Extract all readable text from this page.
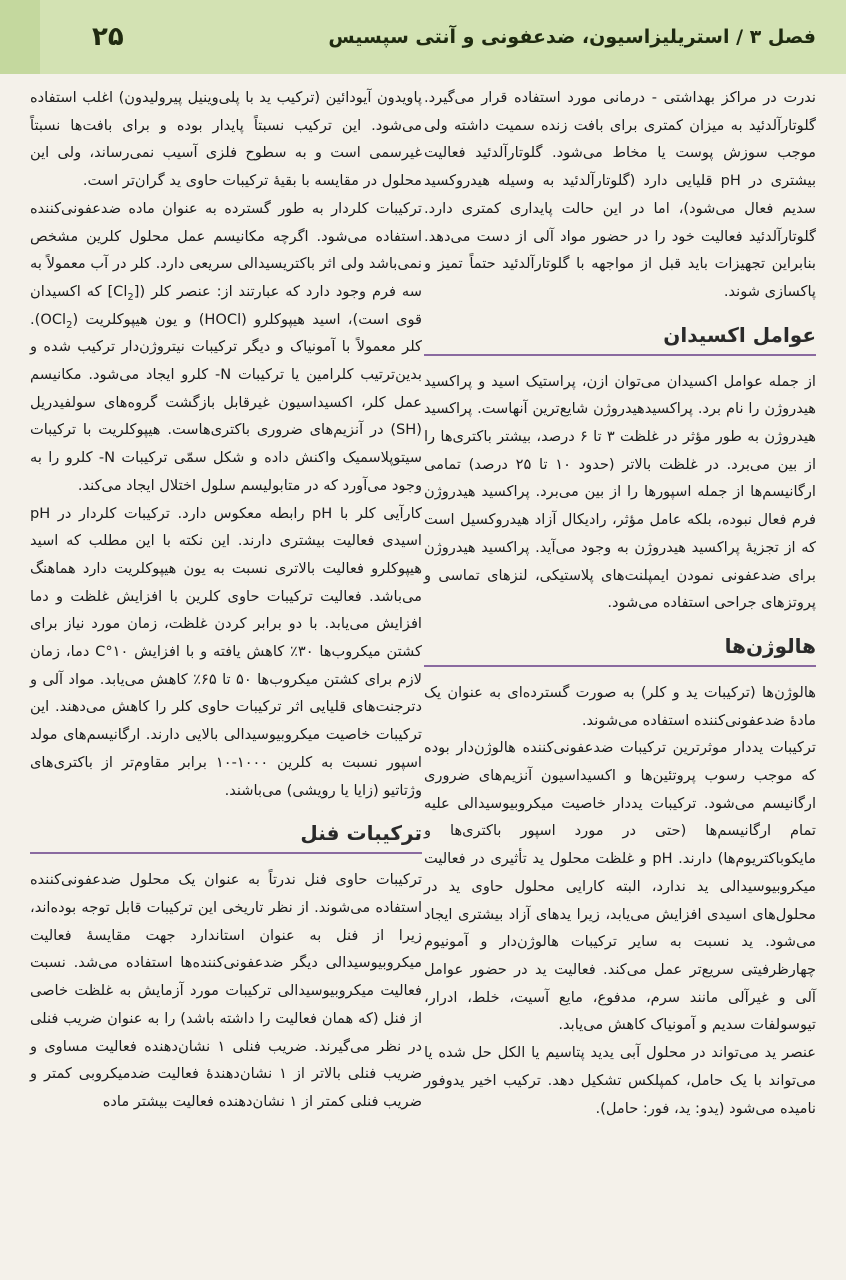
فصل ۳ / استریلیزاسیون، ضدعفونی و آنتی سپسیس
۲۵

ندرت در مراکز بهداشتی - درمانی مورد استفاده قرار می‌گیرد. گلوتارآلدئید به میزان کمتری برای بافت زنده سمیت داشته ولی موجب سوزش پوست یا مخاط می‌شود. گلوتارآلدئید فعالیت بیشتری در pH قلیایی دارد (گلوتارآلدئید به وسیله هیدروکسید سدیم فعال می‌شود)، اما در این حالت پایداری کمتری دارد. گلوتارآلدئید فعالیت خود را در حضور مواد آلی از دست می‌دهد. بنابراین تجهیزات باید قبل از مواجهه با گلوتارآلدئید حتماً تمیز و پاکسازی شوند.

عوامل اکسیدان

از جمله عوامل اکسیدان می‌توان ازن، پراستیک اسید و پراکسید هیدروژن را نام برد. پراکسیدهیدروژن شایع‌ترین آنهاست. پراکسید هیدروژن به طور مؤثر در غلظت ۳ تا ۶ درصد، بیشتر باکتری‌ها را از بین می‌برد. در غلظت بالاتر (حدود ۱۰ تا ۲۵ درصد) تمامی ارگانیسم‌ها از جمله اسپورها را از بین می‌برد. پراکسید هیدروژن فرم فعال نبوده، بلکه عامل مؤثر، رادیکال آزاد هیدروکسیل است که از تجزیهٔ پراکسید هیدروژن به وجود می‌آید. پراکسید هیدروژن برای ضدعفونی نمودن ایمپلنت‌های پلاستیکی، لنزهای تماسی و پروتزهای جراحی استفاده می‌شود.

هالوژن‌ها

هالوژن‌ها (ترکیبات ید و کلر) به صورت گسترده‌ای به عنوان یک مادهٔ ضدعفونی‌کننده استفاده می‌شوند.

ترکیبات یددار موثرترین ترکیبات ضدعفونی‌کننده هالوژن‌دار بوده که موجب رسوب پروتئین‌ها و اکسیداسیون آنزیم‌های ضروری ارگانیسم می‌شود. ترکیبات یددار خاصیت میکروبیوسیدالی علیه تمام ارگانیسم‌ها (حتی در مورد اسپور باکتری‌ها و مایکوباکتریوم‌ها) دارند. pH و غلظت محلول ید تأثیری در فعالیت میکروبیوسیدالی ید ندارد، البته کارایی محلول حاوی ید در محلول‌های اسیدی افزایش می‌یابد، زیرا یدهای آزاد بیشتری ایجاد می‌شود. ید نسبت به سایر ترکیبات هالوژن‌دار و آمونیوم چهارظرفیتی سریع‌تر عمل می‌کند. فعالیت ید در حضور عوامل آلی و غیرآلی مانند سرم، مدفوع، مایع آسیت، خلط، ادرار، تیوسولفات سدیم و آمونیاک کاهش می‌یابد.

عنصر ید می‌تواند در محلول آبی یدید پتاسیم یا الکل حل شده یا می‌تواند با یک حامل، کمپلکس تشکیل دهد. ترکیب اخیر یدوفور نامیده می‌شود (یدو: ید، فور: حامل).

پاویدون آیودائین (ترکیب ید با پلی‌وینیل پیرولیدون) اغلب استفاده می‌شود. این ترکیب نسبتاً پایدار بوده و برای بافت‌ها نسبتاً غیرسمی است و به سطوح فلزی آسیب نمی‌رساند، ولی این محلول در مقایسه با بقیهٔ ترکیبات حاوی ید گران‌تر است.

ترکیبات کلردار به طور گسترده به عنوان ماده ضدعفونی‌کننده استفاده می‌شود. اگرچه مکانیسم عمل محلول کلرین مشخص نمی‌باشد ولی اثر باکتریسیدالی سریعی دارد. کلر در آب معمولاً به سه فرم وجود دارد که عبارتند از: عنصر کلر ($[Cl_2]$ که اکسیدان قوی است)، اسید هیپوکلرو (HOCl) و یون هیپوکلریت (OCl$_2$). کلر معمولاً با آمونیاک و دیگر ترکیبات نیتروژن‌دار ترکیب شده و بدین‌ترتیب کلرامین یا ترکیبات N- کلرو ایجاد می‌شود. مکانیسم عمل کلر، اکسیداسیون غیرقابل بازگشت گروه‌های سولفیدریل (SH) در آنزیم‌های ضروری باکتری‌هاست. هیپوکلریت با ترکیبات سیتوپلاسمیک واکنش داده و شکل سمّی ترکیبات N- کلرو را به وجود می‌آورد که در متابولیسم سلول اختلال ایجاد می‌کند.

کارآیی کلر با pH رابطه معکوس دارد. ترکیبات کلردار در pH اسیدی فعالیت بیشتری دارند. این نکته با این مطلب که اسید هیپوکلرو فعالیت بالاتری نسبت به یون هیپوکلریت دارد هماهنگ می‌باشد. فعالیت ترکیبات حاوی کلرین با افزایش غلظت و دما افزایش می‌یابد. با دو برابر کردن غلظت، زمان مورد نیاز برای کشتن میکروب‌ها ۳۰٪ کاهش یافته و با افزایش ۱۰°C دما، زمان لازم برای کشتن میکروب‌ها ۵۰ تا ۶۵٪ کاهش می‌یابد. مواد آلی و دترجنت‌های قلیایی اثر ترکیبات حاوی کلر را کاهش می‌دهند. این ترکیبات خاصیت میکروبیوسیدالی بالایی دارند. ارگانیسم‌های مولد اسپور نسبت به کلرین ۱۰۰۰-۱۰ برابر مقاوم‌تر از باکتری‌های وژتاتیو (زایا یا رویشی) می‌باشند.

ترکیبات فنل

ترکیبات حاوی فنل ندرتاً به عنوان یک محلول ضدعفونی‌کننده استفاده می‌شوند. از نظر تاریخی این ترکیبات قابل توجه بوده‌اند، زیرا از فنل به عنوان استاندارد جهت مقایسهٔ فعالیت میکروبیوسیدالی دیگر ضدعفونی‌کننده‌ها استفاده می‌شد. نسبت فعالیت میکروبیوسیدالی ترکیبات مورد آزمایش به غلظت خاصی از فنل (که همان فعالیت را داشته باشد) را به عنوان ضریب فنلی در نظر می‌گیرند. ضریب فنلی ۱ نشان‌دهنده فعالیت مساوی و ضریب فنلی بالاتر از ۱ نشان‌دهندهٔ فعالیت ضدمیکروبی کمتر و ضریب فنلی کمتر از ۱ نشان‌دهنده فعالیت بیشتر ماده
